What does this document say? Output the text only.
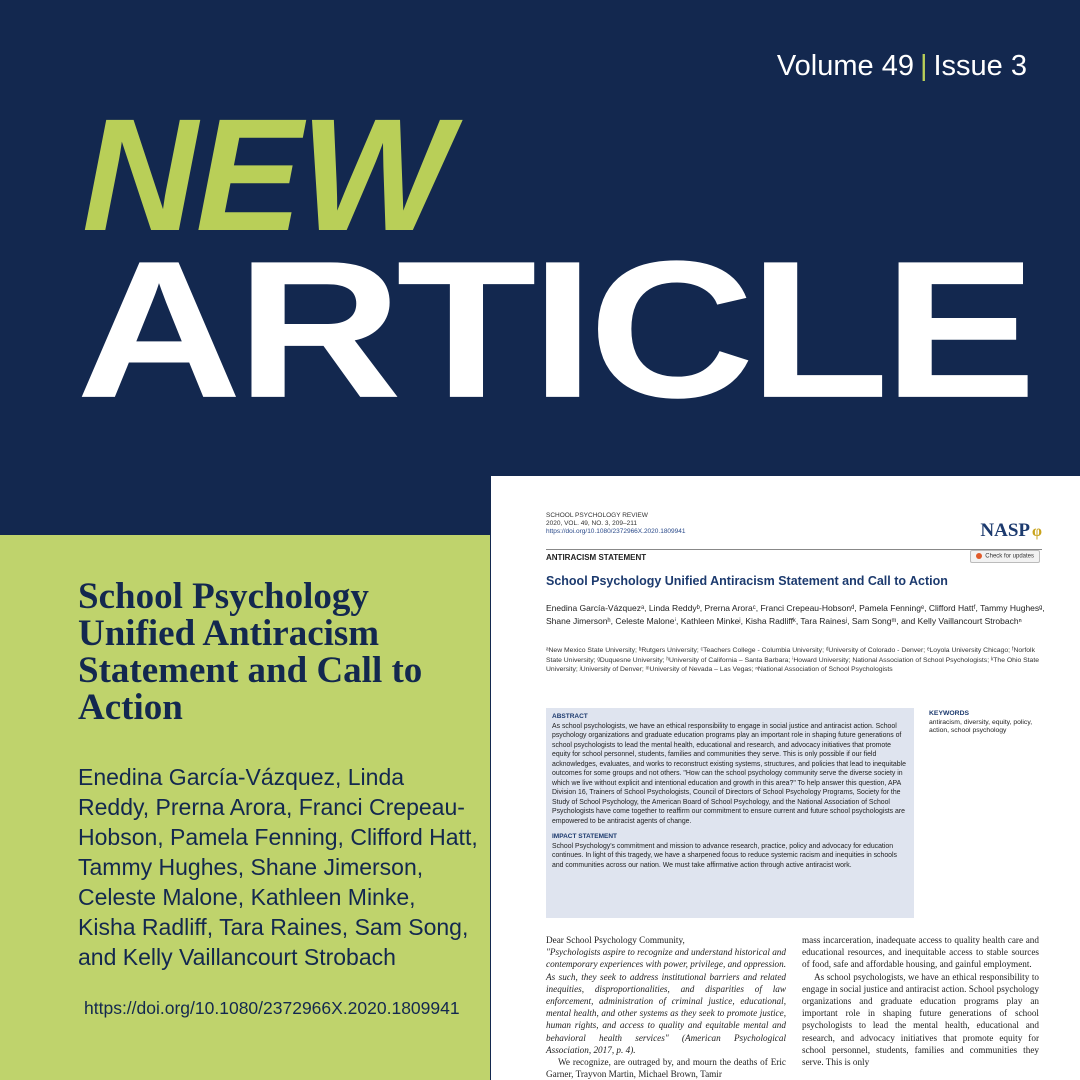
Volume 49 | Issue 3
NEW
ARTICLE
School Psychology Unified Antiracism Statement and Call to Action
Enedina García-Vázquez, Linda Reddy, Prerna Arora, Franci Crepeau-Hobson, Pamela Fenning, Clifford Hatt, Tammy Hughes, Shane Jimerson, Celeste Malone, Kathleen Minke, Kisha Radliff, Tara Raines, Sam Song, and Kelly Vaillancourt Strobach
https://doi.org/10.1080/2372966X.2020.1809941
SCHOOL PSYCHOLOGY REVIEW
2020, VOL. 49, NO. 3, 209–211
https://doi.org/10.1080/2372966X.2020.1809941	NASP φ
ANTIRACISM STATEMENT	Check for updates
School Psychology Unified Antiracism Statement and Call to Action
Enedina García-Vázquezᵃ, Linda Reddyᵇ, Prerna Aroraᶜ, Franci Crepeau-Hobsonᵈ, Pamela Fenningᵉ, Clifford Hattᶠ, Tammy Hughesᵍ, Shane Jimersonʰ, Celeste Maloneⁱ, Kathleen Minkeʲ, Kisha Radliffᵏ, Tara Rainesʲ, Sam Songᵐ, and Kelly Vaillancourt Strobachⁿ
ᵃNew Mexico State University; ᵇRutgers University; ᶜTeachers College - Columbia University; ᵈUniversity of Colorado - Denver; ᵉLoyola University Chicago; ᶠNorfolk State University; ᵍDuquesne University; ʰUniversity of California – Santa Barbara; ⁱHoward University; National Association of School Psychologists; ᵏThe Ohio State University; ʲUniversity of Denver; ᵐUniversity of Nevada – Las Vegas; ⁿNational Association of School Psychologists
ABSTRACT
As school psychologists, we have an ethical responsibility to engage in social justice and antiracist action. School psychology organizations and graduate education programs play an important role in shaping future generations of school psychologists to lead the mental health, educational and research, and advocacy initiatives that promote equity for school personnel, students, families and communities they serve. This is only possible if our field acknowledges, evaluates, and works to reconstruct existing systems, structures, and policies that lead to inequitable outcomes for some groups and not others. "How can the school psychology community serve the diverse society in which we live without explicit and intentional education and growth in this area?" To help answer this question, APA Division 16, Trainers of School Psychologists, Council of Directors of School Psychology Programs, Society for the Study of School Psychology, the American Board of School Psychology, and the National Association of School Psychologists have come together to reaffirm our commitment to ensure current and future school psychologists are empowered to be antiracist agents of change.
IMPACT STATEMENT
School Psychology's commitment and mission to advance research, practice, policy and advocacy for education continues. In light of this tragedy, we have a sharpened focus to reduce systemic racism and inequities in schools and communities across our nation. We must take affirmative action through active antiracist work.
KEYWORDS
antiracism, diversity, equity, policy, action, school psychology
Dear School Psychology Community,
"Psychologists aspire to recognize and understand historical and contemporary experiences with power, privilege, and oppression. As such, they seek to address institutional barriers and related inequities, disproportionalities, and disparities of law enforcement, administration of criminal justice, educational, mental health, and other systems as they seek to promote justice, human rights, and access to quality and equitable mental and behavioral health services" (American Psychological Association, 2017, p. 4).
We recognize, are outraged by, and mourn the deaths of Eric Garner, Trayvon Martin, Michael Brown, Tamir
mass incarceration, inadequate access to quality health care and educational resources, and inequitable access to stable sources of food, safe and affordable housing, and gainful employment.
As school psychologists, we have an ethical responsibility to engage in social justice and antiracist action. School psychology organizations and graduate education programs play an important role in shaping future generations of school psychologists to lead the mental health, educational and research, and advocacy initiatives that promote equity for school personnel, students, families and communities they serve. This is only
